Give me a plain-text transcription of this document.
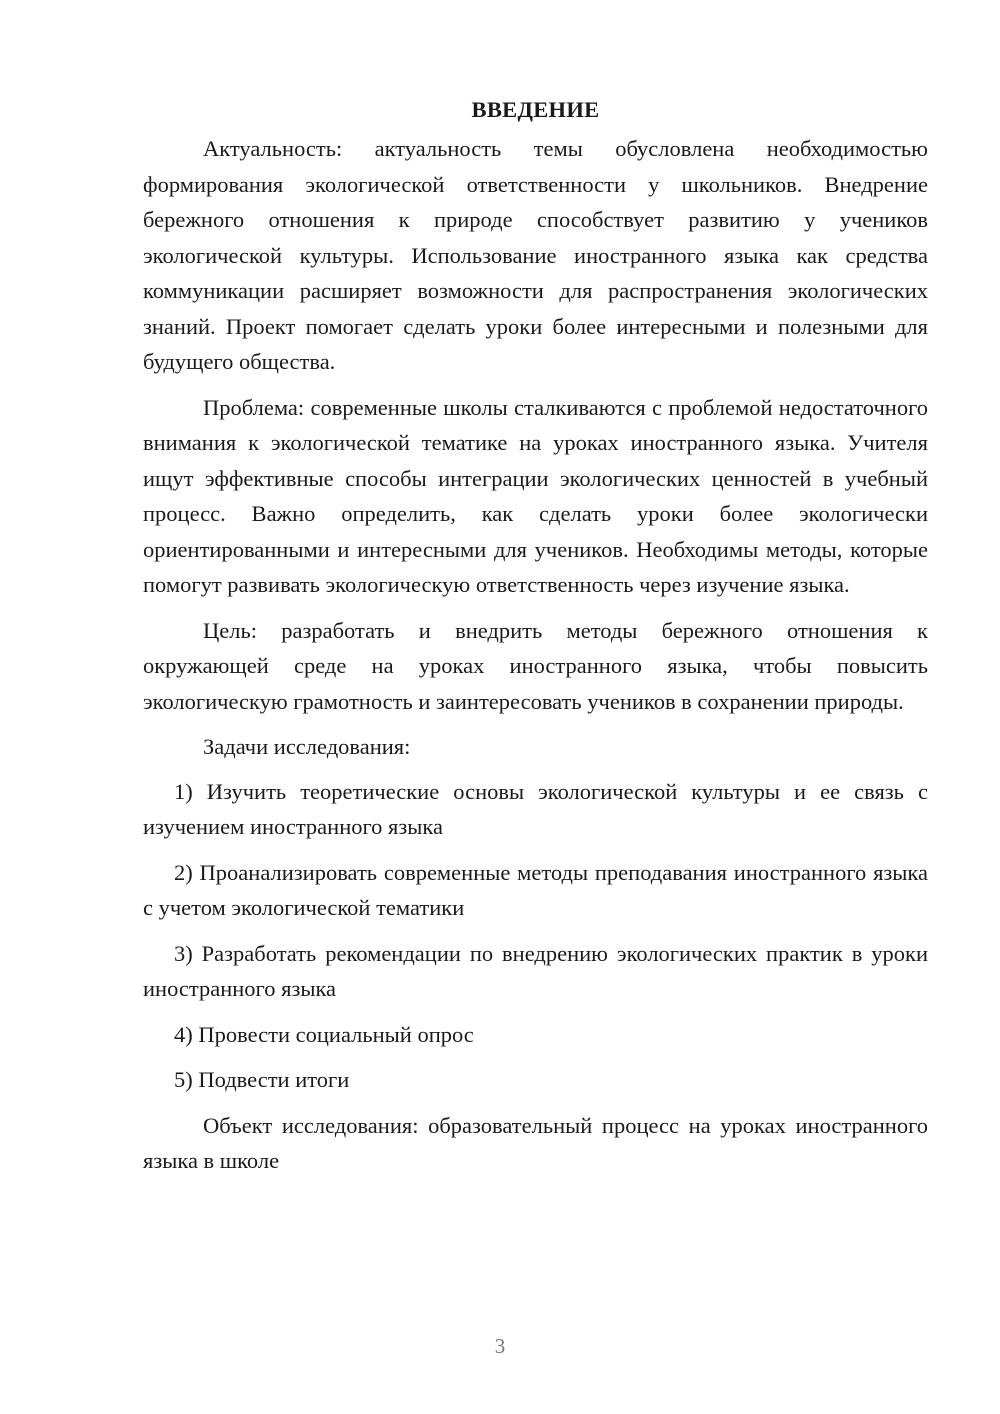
ВВЕДЕНИЕ

Актуальность: актуальность темы обусловлена необходимостью формирования экологической ответственности у школьников. Внедрение бережного отношения к природе способствует развитию у учеников экологической культуры. Использование иностранного языка как средства коммуникации расширяет возможности для распространения экологических знаний. Проект помогает сделать уроки более интересными и полезными для будущего общества.

Проблема: современные школы сталкиваются с проблемой недостаточного внимания к экологической тематике на уроках иностранного языка. Учителя ищут эффективные способы интеграции экологических ценностей в учебный процесс. Важно определить, как сделать уроки более экологически ориентированными и интересными для учеников. Необходимы методы, которые помогут развивать экологическую ответственность через изучение языка.

Цель: разработать и внедрить методы бережного отношения к окружающей среде на уроках иностранного языка, чтобы повысить экологическую грамотность и заинтересовать учеников в сохранении природы.

Задачи исследования:

1) Изучить теоретические основы экологической культуры и ее связь с изучением иностранного языка

2) Проанализировать современные методы преподавания иностранного языка с учетом экологической тематики

3) Разработать рекомендации по внедрению экологических практик в уроки иностранного языка

4) Провести социальный опрос

5) Подвести итоги

Объект исследования: образовательный процесс на уроках иностранного языка в школе

3
